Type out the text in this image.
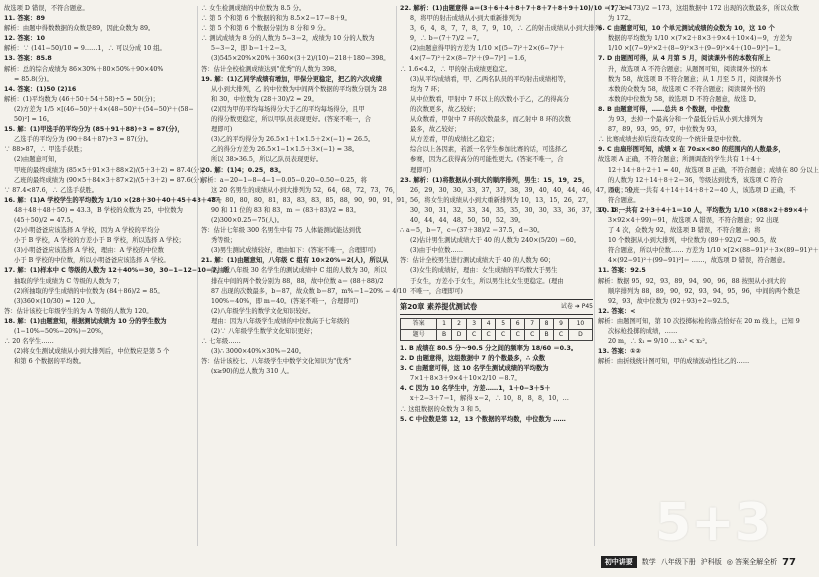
故选项 D 错误，不符合题意。
11. 答案：89
解析：由题中得数数据的众数是89，因此众数为 89。
12. 答案：10
解析：∵ (141−50)/10 = 9……1，∴ 可以分成 10 组。
13. 答案：85.8
解析：总的综合成绩为 86×30%＋80×50%＋90×40%
= 85.8(分)。
14. 答案：(1)50 (2)16
解析：(1)平均数为 (46＋50＋54＋58)÷5 = 50(分)；
(2)方差为 1/5 ×[(46−50)²＋4×(48−50)²＋(54−50)²＋(58−
50)²] = 16。
15. 解：(1)甲选手的平均分为 (85＋91＋88)÷3 = 87(分)，
乙选手的平均分为 (90＋84＋87)÷3 = 87(分)。
∵ 88>87，∴ 甲选手获胜；
(2)由题意可知，
甲班的最终成绩为 (85×5＋91×3＋88×2)/(5＋3＋2) = 87.4(分)，
乙班的最终成绩为 (90×5＋84×3＋87×2)/(5＋3＋2) = 87.6(分)，
∵ 87.4<87.6，∴ 乙选手获胜。
16. 解：(1)A 学校学生的平均数为 1/10 ×(28＋30＋40＋45＋48＋48＋
48＋48＋48＋50) = 43.3，B 学校的众数为 25，中位数为
(45＋50)/2 = 47.5。
(2)小明爸爸应该选择 A 学校，因为 A 学校的平均分
小于 B 学校，A 学校的方差小于 B 学校，所以选择 A 学校；
(3)小明爸爸应该选择 A 学校，理由：A 学校的中位数
小于 B 学校的中位数，所以小明爸爸应该选择 A 学校。
17. 解：(1)样本中 C 等级的人数为 12＋40%＝30，30−1−12−10＝7，所
抽取的学生成绩为 C 等级的人数为 7；
(2)所抽取的学生成绩的中位数为 (84＋86)/2 = 85。
(3)360×(10/30) = 120 人。
答：估计该校七年级学生的为 A 等级的人数为 120。
18. 解：(1)由题意知，根据测试成绩为 10 分的学生数为
(1−10%−50%−20%)＝20%，
∴ 20 名学生……
(2)将女生测试成绩从小到大排列后，中位数应是第 5 个
和第 6 个数据的平均数。
∴ 女生检测成绩的中位数为 8.5 分。
∴ 第 5 个和第 6 个数据的和为 8.5×2＝17＝8＋9。
∴ 第 5 个和第 6 个数据分别为 8 分和 9 分。
∴ 测试成绩为 8 分的人数为 5−3＝2，成绩为 10 分的人数为
5−3＝2，即 b＝1＋2＝3。
(3)545×20%×20%＋360×(3＋2)/(10)＝218＋180＝398。
答：估计全校检测成绩达到"优秀"的人数为 398。
19. 解：(1)乙同学成绩有增加，甲保分更稳定，把乙的六次成绩
从小到大排列，乙 的中位数为中间两个数据的平均数分别为 28
和 30，中位数为 (28＋30)/2 = 29。
(2)因为甲的平均每场得分大于乙的平均每场得分，且甲
的得分数更稳定，所以甲队员表现更好。(答案不唯一，合
理即可)
(3)乙的平均得分为 26.5×1＋1×1.5＋2×(−1) = 26.5。
乙的得分方差为 26.5×1−1×1.5＋3×(−1) = 38。
所以 38>36.5，所以乙队员表现更好。
20. 解：(1)4；0.25，83。
解析：a＝20−1−8−4−1＝0.05−0.20−0.50＝0.25，将
这 20 名男生的成绩从小到大排列为 52，64，68，72，73，76，
77，80，80，80，81，83，83，83，85，88，90，90，91，91，
90 和 11 位的 83 和 83，m ＝ (83＋83)/2 = 83。
(2)300×0.25＝75(人)。
答：估计七年级 300 名男生中有 75 人体能测试能达到优
秀等级；
(3)男生测试成绩较好，理由如下：(答案不唯一，合理即可)
21. 解：(1)由题意知，八年级 C 组有 10×20%＝2(人)，所以从
能抽取八年级 30 名学生的测试成绩中 C 组的人数为 30，所以
排在中间的两个数分别为 88，88，故中位数 a＝ (88＋88)/2
87 出现的次数最多，b＝87，故众数 b＝87，m%＝1−20% − 4/10
100%＝40%，即 m＝40。(答案不唯一，合理即可)
(2)八年级学生的数学文化知识较好。
理由：因为八年级学生成绩的中位数高于七年级的
(2)∵ 八年级学生数学文化知识更好；
∴ 七年级……
(3)∴ 3000×40%×30%＝240。
答：估计该校七、八年级学生中数学文化知识为"优秀"
(x≥90)的总人数为 310 人。
22. 解析：(1)由题意得 a＝(3＋6＋4＋8＋7＋8＋7＋8＋9＋10)/10 ＝7，c＝
8，将甲的射击成绩从小到大重新排列为
3，6，4，8，7，7，8，7，9，10，∴ 乙的射击成绩从小到大排列
9，∴ b＝(7＋7)/2 ＝7。
(2)由题意得甲的方差为 1/10 ×[(5−7)²＋2×(6−7)²＋
4×(7−7)²＋2×(8−7)²＋(9−7)²] ＝1.6，
∴ 1.6<4.2，∴ 甲的射击成绩更稳定。
(3)从平均成绩看，甲、乙两名队员的平均射击成绩相等，
均为 7 环；
从中位数看，甲射中 7 环以上的次数小于乙，乙的得高分
的次数更多，故乙较好；
从众数看，甲射中 7 环的次数最多，而乙射中 8 环的次数
最多，故乙较好；
从方差看，甲的成绩比乙稳定；
综合以上各因素，若派一名学生参加比赛的话，可选择乙
参赛，因为乙获得高分的可能性更大。(答案不唯一，合
理即可)
23. 解析：(1)将数据从小到大的顺序排列，男生：15，19，25，
26，29，30，30，33，37，37，38，39，40，40，44，46，47，50，50，
56，将女生的成绩从小到大重新排列为 10，13，15，26，27，
30，30，31，32，33，34，35，35，30，30，33，36，37，37，38，
40，44，44，48，50，50，52，39。
∴ a＝5，b＝7，c＝(37＋38)/2 ＝37.5，d＝30。
(2)估计男生测试成绩大于 40 的人数为 240×(5/20) ＝60。
(3)由于中位数……
答：估计全校男生进行测试成绩大于 40 的人数为 60；
(3)女生的成绩好，理由：女生成绩的平均数大于男生
于女生，方差小于女生，所以男生比女生更稳定。(理由
不唯一，合理即可)
第20章 素养提优测试卷	试卷 ➜ P45
答案	1	2	3	4	5	6	7	8	9	10
题号	B	D	C	C	C	C	C	B	C	D
1. B 成绩在 80.5 分～90.5 分之间的频率为 18/60 ＝0.3。
2. D 由题意得，这组数据中 7 的个数最多，∴ 众数
3. C 由题意可得，这 10 名学生测试成绩的平均数为
7×1＋8×3＋9×4＋10×2/10 ＝8.7。
4. C 因为 10 名学生中，方差……1，1＋0−3＋5＋
x＋2−3＋7＝1，解得 x＝2，∴ 10，8，8，8，10，…
∴ 这组数据的众数为 3 和 5。
5. C 中位数是第 12，13 个数据的平均数，中位数为 ……
(173＋173)/2 ＝173，这组数据中 172 出现的次数最多，所以众数
为 172。
6. C 由题意可知，10 个单元测试成绩的众数为 10，这 10 个
数据的平均数为 1/10 ×(7×2＋8×3＋9×4＋10×4)＝9，方差为
1/10 ×[(7−9)²×2＋(8−9)²×3＋(9−9)²×4＋(10−9)²]＝1。
7. D 由题图可得，从 4 月第 5 月，阅读课外书的本数有所上
升，故选项 A 不符合题意；从题图可知，阅读课外书的本
数为 58，故选项 B 不符合题意；从 1 月至 5 月，阅读课外书
本数的众数为 58，故选项 C 不符合题意；阅读课外书的
本数的中位数为 58，故选项 D 不符合题意，故选 D。
8. B 由题意可得，……总共 8 个数据，中位数
为 93，去掉一个最高分和一个最低分后从小到大排列为
87，89，93，95，97，中位数为 93，
∴ 比赛成绩去掉后没有改变的一个统计量是中位数。
9. C 由扇形图可知，成绩 x 在 70≤x<80 的范围内的人数最多，
故选项 A 正确，不符合题意；所测调查的学生共有 1＋4＋
12＋14＋8＋2＋1 = 40，故选项 B 正确，不符合题意；成绩在 80 分以上
的人数为 12＋14＋8＋2＝36，等级达到优秀，该选项 C 符合
题意；全班一共有 4＋14＋14＋8＋2＝40 人，该选项 D 正确，不
符合题意。
10. D 一共有 2＋3＋4＋1＝10 人，平均数为 1/10 ×(88×2＋89×4＋
3×92×4＋99)＝91，故选项 A 错误，不符合题意；92 出现
了 4 次，众数为 92，故选项 B 错误，不符合题意；将
10 个数据从小到大排列，中位数为 (89＋92)/2 ＝90.5，故
符合题意，所以中位数…… 方差为 1/10 ×[2×(88−91)²＋3×(89−91)²＋
4×(92−91)²＋(99−91)²]＝ ……，故选项 D 错误，符合题意。
11. 答案：92.5
解析：数据 95，92，93，89，94，90，96，88 按照从小到大的
顺序排列为 88，89，90，92，93，94，95，96，中间的两个数是
92，93，故中位数为 (92＋93)÷2＝92.5。
12. 答案：<
解析：由题图可知，第 10 次投掷标枪的落点恰好在 20 m 线上，已知 9
次标枪投掷的成绩，……
20 m，∴ x̄₁ = 9/10 … x₁² < x₂²。
13. 答案：①②
解析：由折线统计图可知，甲的成绩波动性比乙的……
5+3
初中讲要	数学 八年级下册 沪科版 ◎ 答案全解全析 77
